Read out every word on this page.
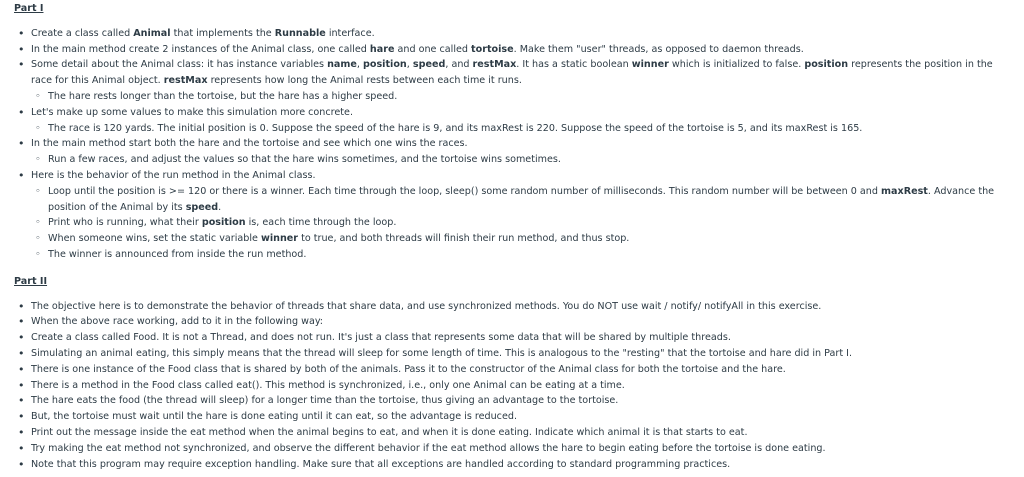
Part I
• Create a class called Animal that implements the Runnable interface.
• In the main method create 2 instances of the Animal class, one called hare and one called tortoise. Make them "user" threads, as opposed to daemon threads.
• Some detail about the Animal class: it has instance variables name, position, speed, and restMax. It has a static boolean winner which is initialized to false. position represents the position in the race for this Animal object. restMax represents how long the Animal rests between each time it runs.
◦ The hare rests longer than the tortoise, but the hare has a higher speed.
• Let's make up some values to make this simulation more concrete.
◦ The race is 120 yards. The initial position is 0. Suppose the speed of the hare is 9, and its maxRest is 220. Suppose the speed of the tortoise is 5, and its maxRest is 165.
• In the main method start both the hare and the tortoise and see which one wins the races.
◦ Run a few races, and adjust the values so that the hare wins sometimes, and the tortoise wins sometimes.
• Here is the behavior of the run method in the Animal class.
◦ Loop until the position is >= 120 or there is a winner. Each time through the loop, sleep() some random number of milliseconds. This random number will be between 0 and maxRest. Advance the position of the Animal by its speed.
◦ Print who is running, what their position is, each time through the loop.
◦ When someone wins, set the static variable winner to true, and both threads will finish their run method, and thus stop.
◦ The winner is announced from inside the run method.
Part II
• The objective here is to demonstrate the behavior of threads that share data, and use synchronized methods. You do NOT use wait / notify/ notifyAll in this exercise.
• When the above race working, add to it in the following way:
• Create a class called Food. It is not a Thread, and does not run. It's just a class that represents some data that will be shared by multiple threads.
• Simulating an animal eating, this simply means that the thread will sleep for some length of time. This is analogous to the "resting" that the tortoise and hare did in Part I.
• There is one instance of the Food class that is shared by both of the animals. Pass it to the constructor of the Animal class for both the tortoise and the hare.
• There is a method in the Food class called eat(). This method is synchronized, i.e., only one Animal can be eating at a time.
• The hare eats the food (the thread will sleep) for a longer time than the tortoise, thus giving an advantage to the tortoise.
• But, the tortoise must wait until the hare is done eating until it can eat, so the advantage is reduced.
• Print out the message inside the eat method when the animal begins to eat, and when it is done eating. Indicate which animal it is that starts to eat.
• Try making the eat method not synchronized, and observe the different behavior if the eat method allows the hare to begin eating before the tortoise is done eating.
• Note that this program may require exception handling. Make sure that all exceptions are handled according to standard programming practices.
